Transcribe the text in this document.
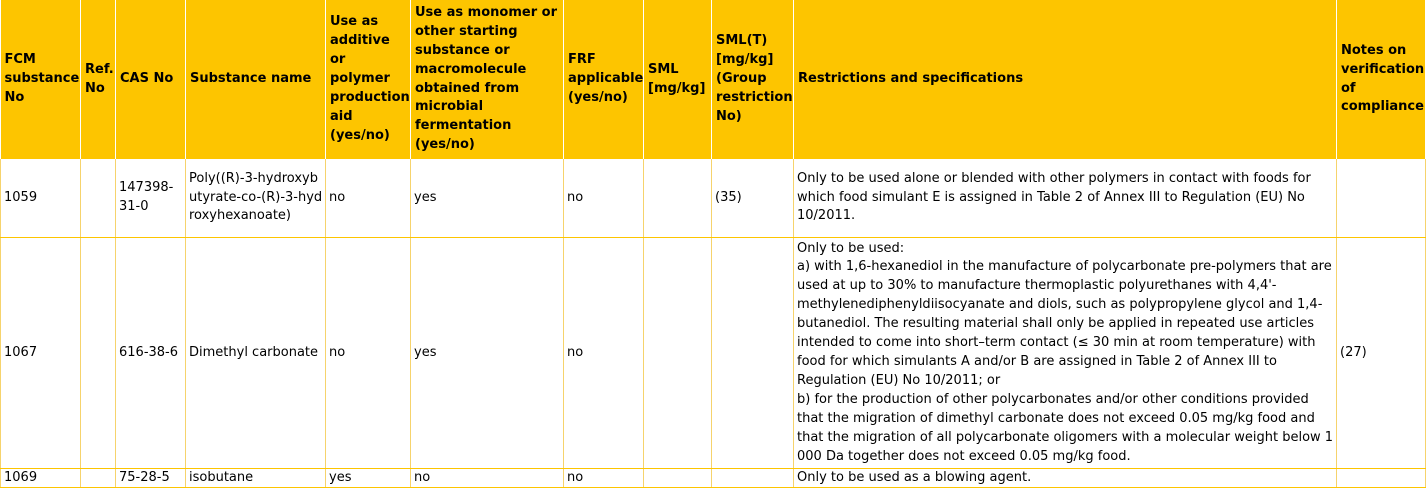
FCM substance No	Ref. No	CAS No	Substance name	Use as additive or polymer production aid (yes/no)	Use as monomer or other starting substance or macromolecule obtained from microbial fermentation (yes/no)	FRF applicable (yes/no)	SML [mg/kg]	SML(T) [mg/kg] (Group restriction No)	Restrictions and specifications	Notes on verification of compliance
1059		147398-31-0	Poly((R)-3-hydroxybutyrate-co-(R)-3-hydroxyhexanoate)	no	yes	no		(35)	Only to be used alone or blended with other polymers in contact with foods for which food simulant E is assigned in Table 2 of Annex III to Regulation (EU) No 10/2011.	
1067		616-38-6	Dimethyl carbonate	no	yes	no			Only to be used:
a) with 1,6-hexanediol in the manufacture of polycarbonate pre-polymers that are used at up to 30% to manufacture thermoplastic polyurethanes with 4,4'-methylenediphenyldiisocyanate and diols, such as polypropylene glycol and 1,4-butanediol. The resulting material shall only be applied in repeated use articles intended to come into short–term contact (≤ 30 min at room temperature) with food for which simulants A and/or B are assigned in Table 2 of Annex III to Regulation (EU) No 10/2011; or
b) for the production of other polycarbonates and/or other conditions provided that the migration of dimethyl carbonate does not exceed 0.05 mg/kg food and that the migration of all polycarbonate oligomers with a molecular weight below 1 000 Da together does not exceed 0.05 mg/kg food.	(27)
1069		75-28-5	isobutane	yes	no	no			Only to be used as a blowing agent.	
